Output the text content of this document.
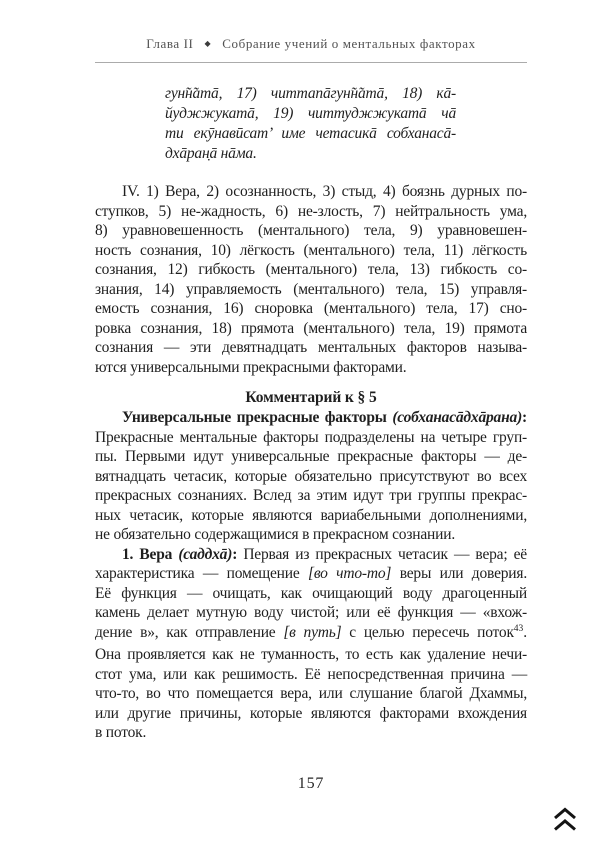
Глава II ◆ Собрание учений о ментальных факторах
гун̃н̃атā, 17) читтапāгун̃н̃атā, 18) кā-
йуджжукатā, 19) читтуджжукатā чā
ти екӯнавӣсат’ име четасикā собханасā-
дхāран̣ā нāма.
IV. 1) Вера, 2) осознанность, 3) стыд, 4) боязнь дурных по-
ступков, 5) не-жадность, 6) не-злость, 7) нейтральность ума,
8) уравновешенность (ментального) тела, 9) уравновешен-
ность сознания, 10) лёгкость (ментального) тела, 11) лёгкость
сознания, 12) гибкость (ментального) тела, 13) гибкость со-
знания, 14) управляемость (ментального) тела, 15) управля-
емость сознания, 16) сноровка (ментального) тела, 17) сно-
ровка сознания, 18) прямота (ментального) тела, 19) прямота
сознания — эти девятнадцать ментальных факторов называ-
ются универсальными прекрасными факторами.
Комментарий к § 5
Универсальные прекрасные факторы (собханасāдхāрана):
Прекрасные ментальные факторы подразделены на четыре груп-
пы. Первыми идут универсальные прекрасные факторы — де-
вятнадцать четасик, которые обязательно присутствуют во всех
прекрасных сознаниях. Вслед за этим идут три группы прекрас-
ных четасик, которые являются вариабельными дополнениями,
не обязательно содержащимися в прекрасном сознании.
1. Вера (саддхā): Первая из прекрасных четасик — вера; её
характеристика — помещение [во что-то] веры или доверия.
Её функция — очищать, как очищающий воду драгоценный
камень делает мутную воду чистой; или её функция — «вхож-
дение в», как отправление [в путь] с целью пересечь поток$^{43}$.
Она проявляется как не туманность, то есть как удаление нечи-
стот ума, или как решимость. Её непосредственная причина —
что-то, во что помещается вера, или слушание благой Дхаммы,
или другие причины, которые являются факторами вхождения
в поток.
157
